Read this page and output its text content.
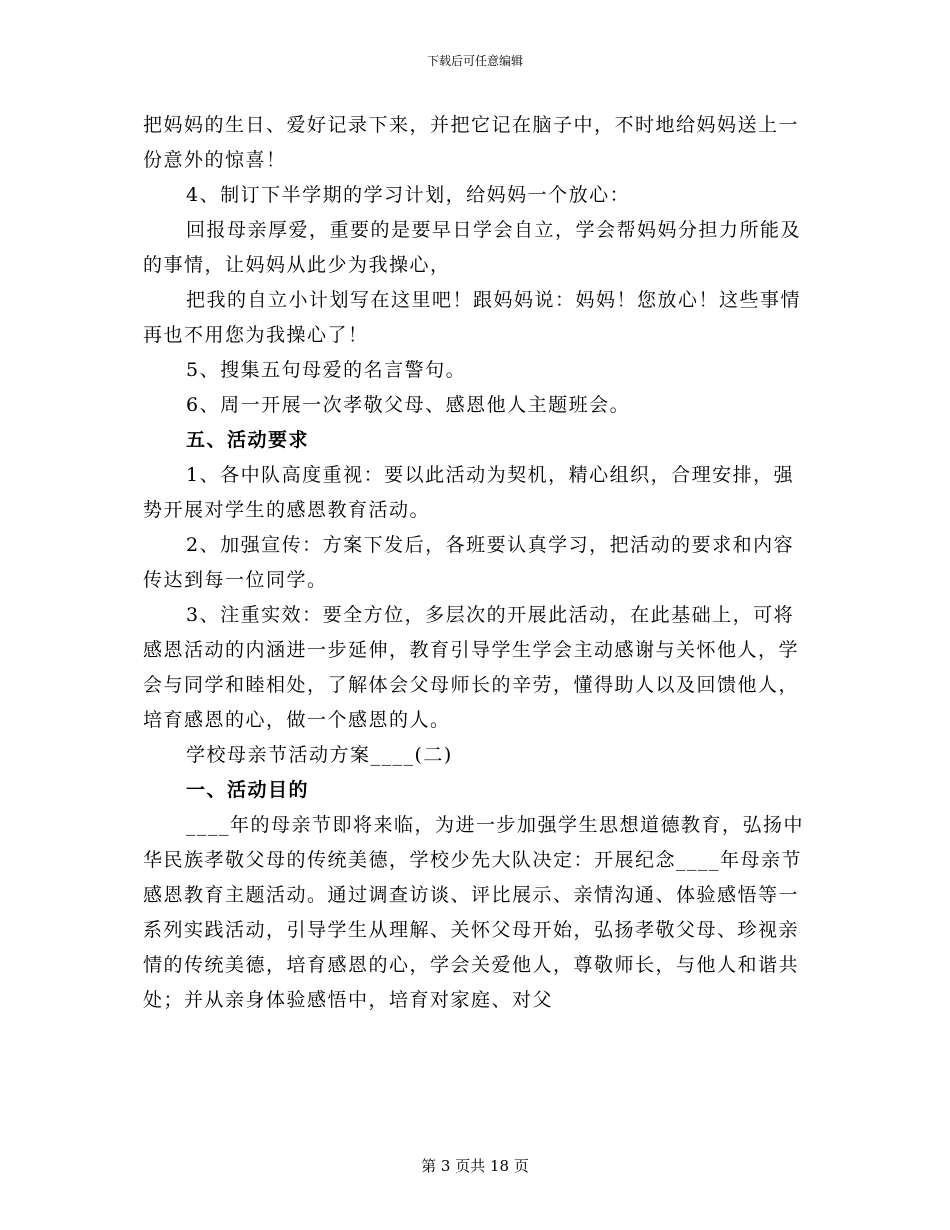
下载后可任意编辑

把妈妈的生日、爱好记录下来，并把它记在脑子中，不时地给妈妈送上一份意外的惊喜！

4、制订下半学期的学习计划，给妈妈一个放心：

回报母亲厚爱，重要的是要早日学会自立，学会帮妈妈分担力所能及的事情，让妈妈从此少为我操心，

把我的自立小计划写在这里吧！跟妈妈说：妈妈！您放心！这些事情再也不用您为我操心了！

5、搜集五句母爱的名言警句。

6、周一开展一次孝敬父母、感恩他人主题班会。

五、活动要求

1、各中队高度重视：要以此活动为契机，精心组织，合理安排，强势开展对学生的感恩教育活动。

2、加强宣传：方案下发后，各班要认真学习，把活动的要求和内容传达到每一位同学。

3、注重实效：要全方位，多层次的开展此活动，在此基础上，可将感恩活动的内涵进一步延伸，教育引导学生学会主动感谢与关怀他人，学会与同学和睦相处，了解体会父母师长的辛劳，懂得助人以及回馈他人，培育感恩的心，做一个感恩的人。

学校母亲节活动方案____(二)

一、活动目的

____年的母亲节即将来临，为进一步加强学生思想道德教育，弘扬中华民族孝敬父母的传统美德，学校少先大队决定：开展纪念____年母亲节感恩教育主题活动。通过调查访谈、评比展示、亲情沟通、体验感悟等一系列实践活动，引导学生从理解、关怀父母开始，弘扬孝敬父母、珍视亲情的传统美德，培育感恩的心，学会关爱他人，尊敬师长，与他人和谐共处；并从亲身体验感悟中，培育对家庭、对父

第 3 页共 18 页
